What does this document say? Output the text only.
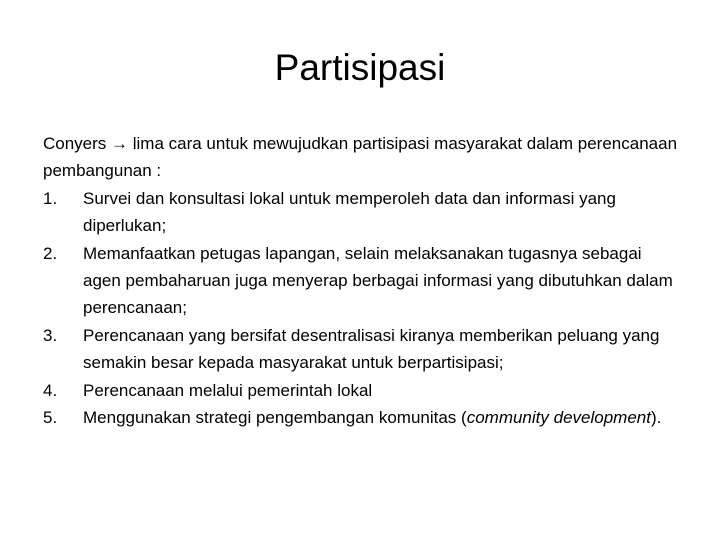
Partisipasi

Conyers → lima cara untuk mewujudkan partisipasi masyarakat dalam perencanaan pembangunan :

1. Survei dan konsultasi lokal untuk memperoleh data dan informasi yang diperlukan;
2. Memanfaatkan petugas lapangan, selain melaksanakan tugasnya sebagai agen pembaharuan juga menyerap berbagai informasi yang dibutuhkan dalam perencanaan;
3. Perencanaan yang bersifat desentralisasi kiranya memberikan peluang yang semakin besar kepada masyarakat untuk berpartisipasi;
4. Perencanaan melalui pemerintah lokal
5. Menggunakan strategi pengembangan komunitas (community development).
